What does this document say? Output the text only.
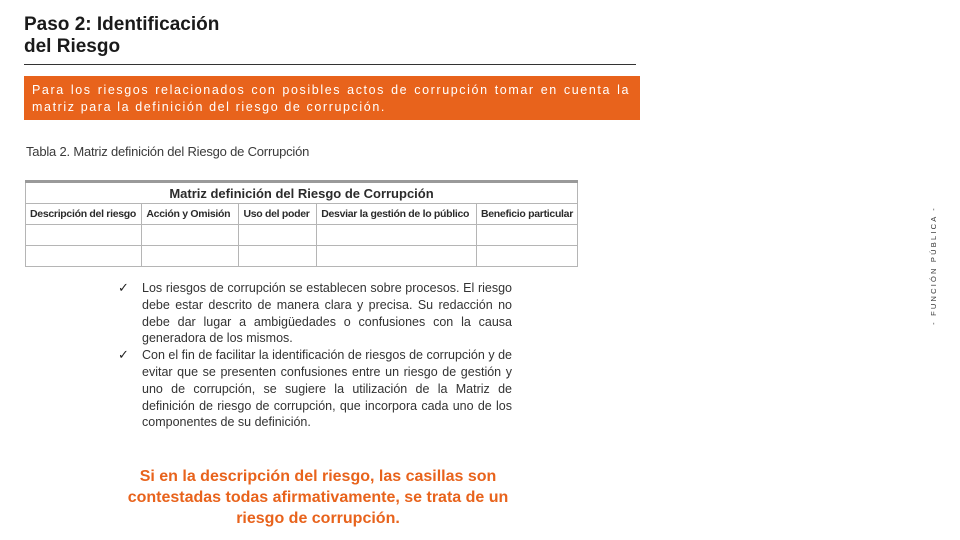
Paso 2: Identificación
del Riesgo
Para los riesgos relacionados con posibles actos de corrupción tomar en cuenta la matriz para la definición del riesgo de corrupción.
- FUNCIÓN PÚBLICA -
Tabla 2. Matriz definición del Riesgo de Corrupción
Matriz definición del Riesgo de Corrupción				
Descripción del riesgo	Acción y Omisión	Uso del poder	Desviar la gestión de lo público	Beneficio particular

✓	Los riesgos de corrupción se establecen sobre procesos. El riesgo debe estar descrito de manera clara y precisa. Su redacción no debe dar lugar a ambigüedades o confusiones con la causa generadora de los mismos.
✓	Con el fin de facilitar la identificación de riesgos de corrupción y de evitar que se presenten confusiones entre un riesgo de gestión y uno de corrupción, se sugiere la utilización de la Matriz de definición de riesgo de corrupción, que incorpora cada uno de los componentes de su definición.
Si en la descripción del riesgo, las casillas son contestadas todas afirmativamente, se trata de un riesgo de corrupción.
